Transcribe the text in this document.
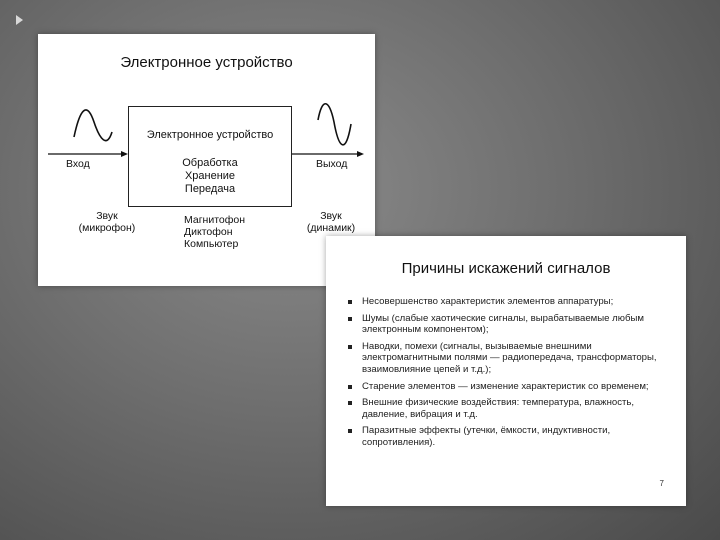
Электронное устройство
Электронное устройство
Обработка
Хранение
Передача
Вход	Выход
Звук
(микрофон)
Звук
(динамик)
Магнитофон
Диктофон
Компьютер
Причины искажений сигналов
Несовершенство характеристик элементов аппаратуры;
Шумы (слабые хаотические сигналы, вырабатываемые любым электронным компонентом);
Наводки, помехи (сигналы, вызываемые внешними электромагнитными полями — радиопередача, трансформаторы, взаимовлияние цепей и т.д.);
Старение элементов — изменение характеристик со временем;
Внешние физические воздействия: температура, влажность, давление, вибрация и т.д.
Паразитные эффекты (утечки, ёмкости, индуктивности, сопротивления).
7
